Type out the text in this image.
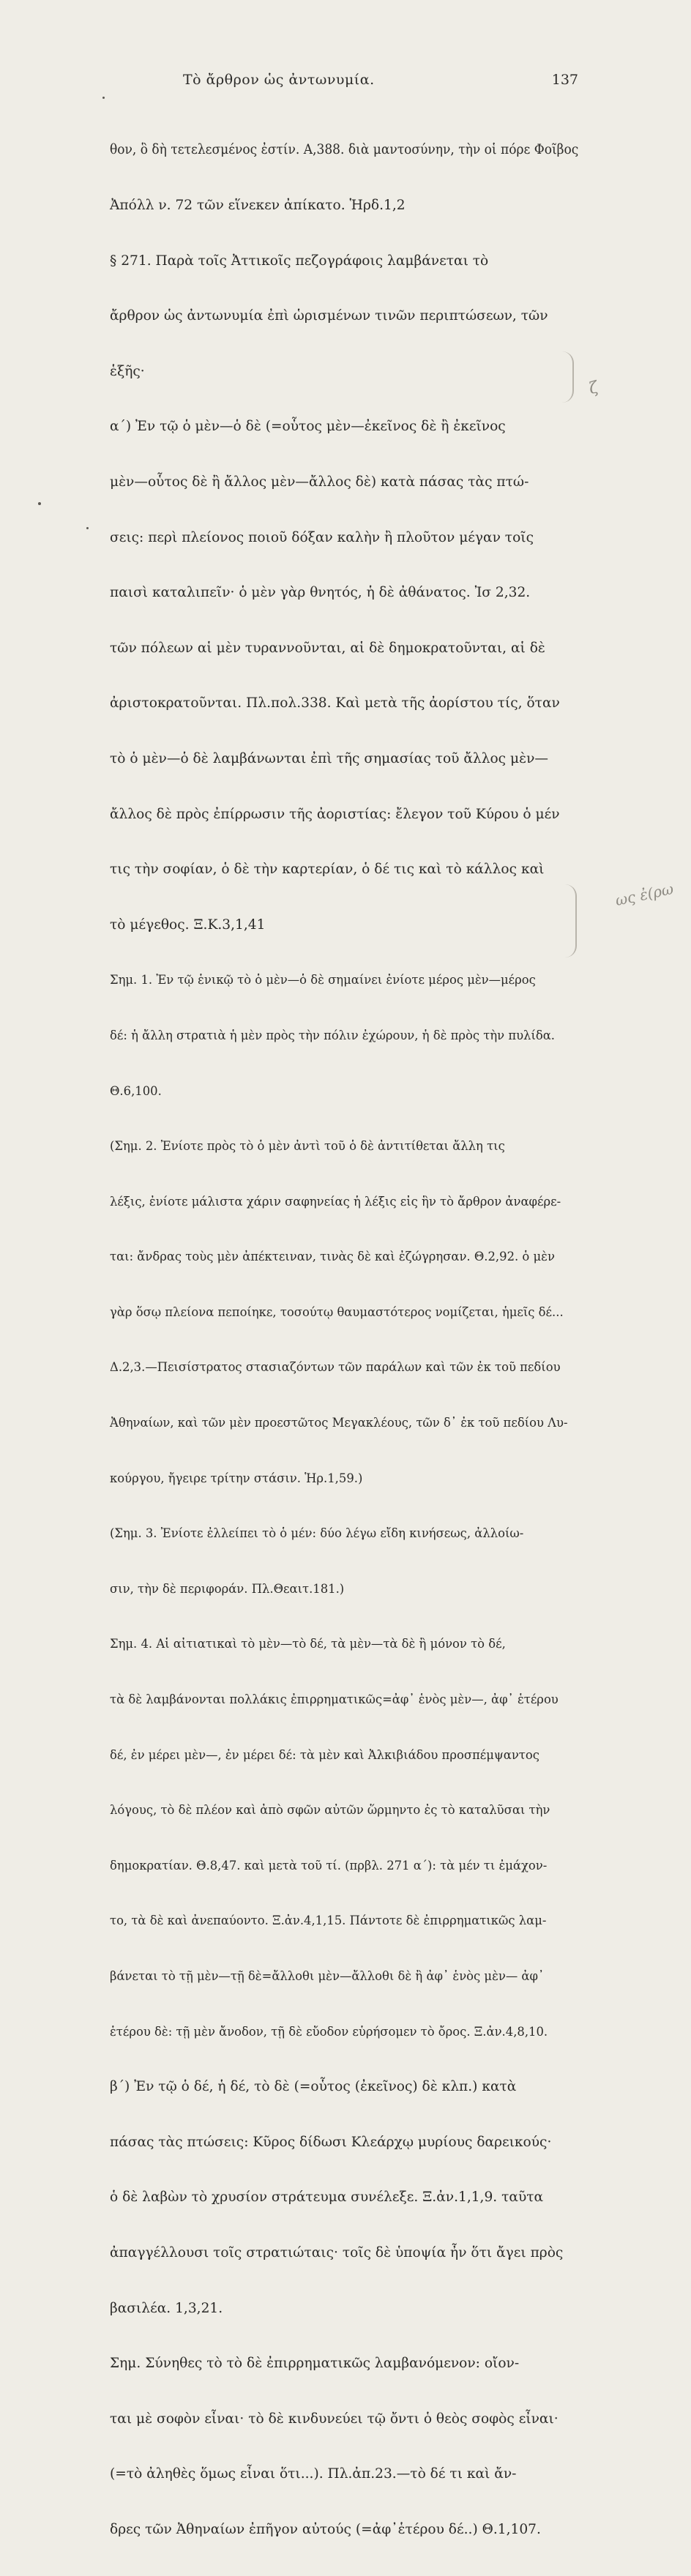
Τὸ ἄρθρον ὡς ἀντωνυμία.	137

θον, ὃ δὴ τετελεσμένος ἐστίν. Α,388. διὰ μαντοσύνην, τὴν οἱ πόρε Φοῖβος

Ἀπόλλ ν. 72 τῶν εἵνεκεν ἀπίκατο. Ἡρδ.1,2

§ 271. Παρὰ τοῖς Ἀττικοῖς πεζογράφοις λαμβάνεται τὸ

ἄρθρον ὡς ἀντωνυμία ἐπὶ ὡρισμένων τινῶν περιπτώσεων, τῶν

ἑξῆς·

α´) Ἐν τῷ ὁ μὲν—ὁ δὲ (=οὗτος μὲν—ἐκεῖνος δὲ ἢ ἐκεῖνος

μὲν—οὗτος δὲ ἢ ἄλλος μὲν—ἄλλος δὲ) κατὰ πάσας τὰς πτώ-

σεις: περὶ πλείονος ποιοῦ δόξαν καλὴν ἢ πλοῦτον μέγαν τοῖς

παισὶ καταλιπεῖν· ὁ μὲν γὰρ θνητός, ἡ δὲ ἀθάνατος. Ἰσ 2,32.

τῶν πόλεων αἱ μὲν τυραννοῦνται, αἱ δὲ δημοκρατοῦνται, αἱ δὲ

ἀριστοκρατοῦνται. Πλ.πολ.338. Καὶ μετὰ τῆς ἀορίστου τίς, ὅταν

τὸ ὁ μὲν—ὁ δὲ λαμβάνωνται ἐπὶ τῆς σημασίας τοῦ ἄλλος μὲν—

ἄλλος δὲ πρὸς ἐπίρρωσιν τῆς ἀοριστίας: ἔλεγον τοῦ Κύρου ὁ μέν

τις τὴν σοφίαν, ὁ δὲ τὴν καρτερίαν, ὁ δέ τις καὶ τὸ κάλλος καὶ

τὸ μέγεθος. Ξ.Κ.3,1,41

Σημ. 1. Ἐν τῷ ἑνικῷ τὸ ὁ μὲν—ὁ δὲ σημαίνει ἐνίοτε μέρος μὲν—μέρος

δέ: ἡ ἄλλη στρατιὰ ἡ μὲν πρὸς τὴν πόλιν ἐχώρουν, ἡ δὲ πρὸς τὴν πυλίδα.

Θ.6,100.

(Σημ. 2. Ἐνίοτε πρὸς τὸ ὁ μὲν ἀντὶ τοῦ ὁ δὲ ἀντιτίθεται ἄλλη τις

λέξις, ἐνίοτε μάλιστα χάριν σαφηνείας ἡ λέξις εἰς ἣν τὸ ἄρθρον ἀναφέρε-

ται: ἄνδρας τοὺς μὲν ἀπέκτειναν, τινὰς δὲ καὶ ἐζώγρησαν. Θ.2,92. ὁ μὲν

γὰρ ὅσῳ πλείονα πεποίηκε, τοσούτῳ θαυμαστότερος νομίζεται, ἡμεῖς δέ...

Δ.2,3.—Πεισίστρατος στασιαζόντων τῶν παράλων καὶ τῶν ἐκ τοῦ πεδίου

Ἀθηναίων, καὶ τῶν μὲν προεστῶτος Μεγακλέους, τῶν δ᾽ ἐκ τοῦ πεδίου Λυ-

κούργου, ἤγειρε τρίτην στάσιν. Ἡρ.1,59.)

(Σημ. 3. Ἐνίοτε ἐλλείπει τὸ ὁ μέν: δύο λέγω εἴδη κινήσεως, ἀλλοίω-

σιν, τὴν δὲ περιφοράν. Πλ.Θεαιτ.181.)

Σημ. 4. Αἱ αἰτιατικαὶ τὸ μὲν—τὸ δέ, τὰ μὲν—τὰ δὲ ἢ μόνον τὸ δέ,

τὰ δὲ λαμβάνονται πολλάκις ἐπιρρηματικῶς=ἀφ᾽ ἑνὸς μὲν—, ἀφ᾽ ἑτέρου

δέ, ἐν μέρει μὲν—, ἐν μέρει δέ: τὰ μὲν καὶ Ἀλκιβιάδου προσπέμψαντος

λόγους, τὸ δὲ πλέον καὶ ἀπὸ σφῶν αὐτῶν ὥρμηντο ἐς τὸ καταλῦσαι τὴν

δημοκρατίαν. Θ.8,47. καὶ μετὰ τοῦ τί. (πρβλ. 271 α´): τὰ μέν τι ἐμάχον-

το, τὰ δὲ καὶ ἀνεπαύοντο. Ξ.ἀν.4,1,15. Πάντοτε δὲ ἐπιρρηματικῶς λαμ-

βάνεται τὸ τῇ μὲν—τῇ δὲ=ἄλλοθι μὲν—ἄλλοθι δὲ ἢ ἀφ᾽ ἑνὸς μὲν— ἀφ᾽

ἑτέρου δὲ: τῇ μὲν ἄνοδον, τῇ δὲ εὔοδον εὑρήσομεν τὸ ὄρος. Ξ.ἀν.4,8,10.

β´) Ἐν τῷ ὁ δέ, ἡ δέ, τὸ δὲ (=οὗτος (ἐκεῖνος) δὲ κλπ.) κατὰ

πάσας τὰς πτώσεις: Κῦρος δίδωσι Κλεάρχῳ μυρίους δαρεικούς·

ὁ δὲ λαβὼν τὸ χρυσίον στράτευμα συνέλεξε. Ξ.ἀν.1,1,9. ταῦτα

ἀπαγγέλλουσι τοῖς στρατιώταις· τοῖς δὲ ὑποψία ἦν ὅτι ἄγει πρὸς

βασιλέα. 1,3,21.

Σημ. Σύνηθες τὸ τὸ δὲ ἐπιρρηματικῶς λαμβανόμενον: οἴον-

ται μὲ σοφὸν εἶναι· τὸ δὲ κινδυνεύει τῷ ὄντι ὁ θεὸς σοφὸς εἶναι·

(=τὸ ἀληθὲς ὅμως εἶναι ὅτι...). Πλ.ἀπ.23.—τὸ δέ τι καὶ ἄν-

δρες τῶν Ἀθηναίων ἐπῆγον αὐτούς (=ἀφ᾽ἑτέρου δέ..) Θ.1,107.

ζ
ως ἐ(ρω
